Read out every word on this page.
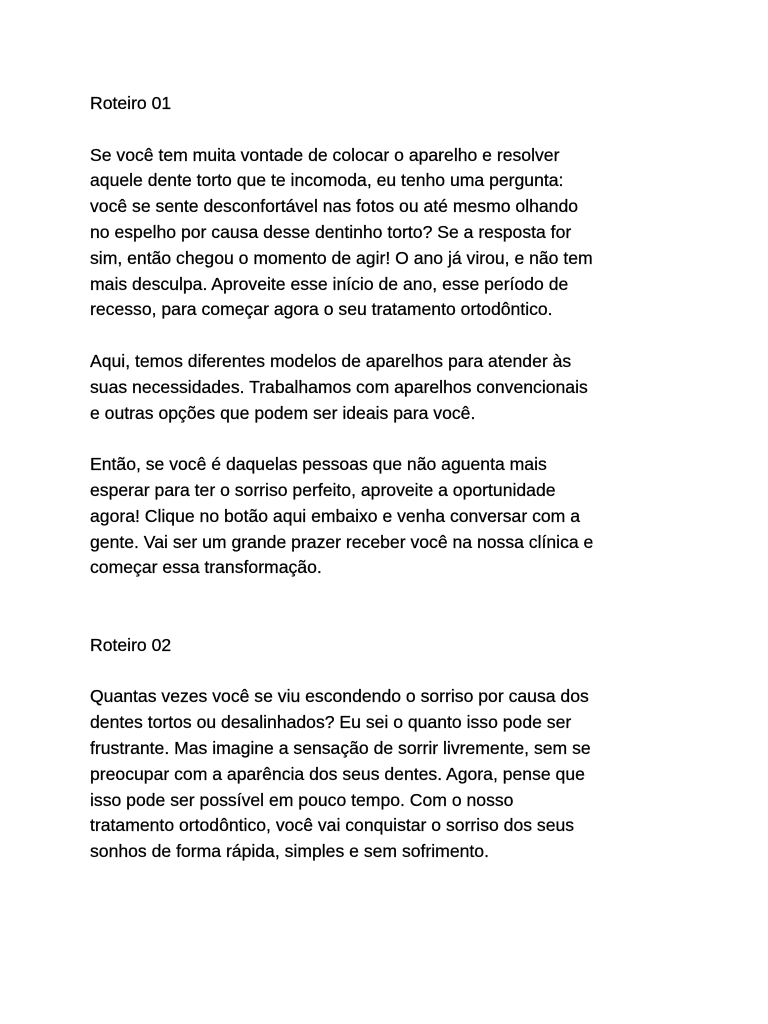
Roteiro 01

Se você tem muita vontade de colocar o aparelho e resolver
aquele dente torto que te incomoda, eu tenho uma pergunta:
você se sente desconfortável nas fotos ou até mesmo olhando
no espelho por causa desse dentinho torto? Se a resposta for
sim, então chegou o momento de agir! O ano já virou, e não tem
mais desculpa. Aproveite esse início de ano, esse período de
recesso, para começar agora o seu tratamento ortodôntico.

Aqui, temos diferentes modelos de aparelhos para atender às
suas necessidades. Trabalhamos com aparelhos convencionais
e outras opções que podem ser ideais para você.

Então, se você é daquelas pessoas que não aguenta mais
esperar para ter o sorriso perfeito, aproveite a oportunidade
agora! Clique no botão aqui embaixo e venha conversar com a
gente. Vai ser um grande prazer receber você na nossa clínica e
começar essa transformação.

Roteiro 02

Quantas vezes você se viu escondendo o sorriso por causa dos
dentes tortos ou desalinhados? Eu sei o quanto isso pode ser
frustrante. Mas imagine a sensação de sorrir livremente, sem se
preocupar com a aparência dos seus dentes. Agora, pense que
isso pode ser possível em pouco tempo. Com o nosso
tratamento ortodôntico, você vai conquistar o sorriso dos seus
sonhos de forma rápida, simples e sem sofrimento.
